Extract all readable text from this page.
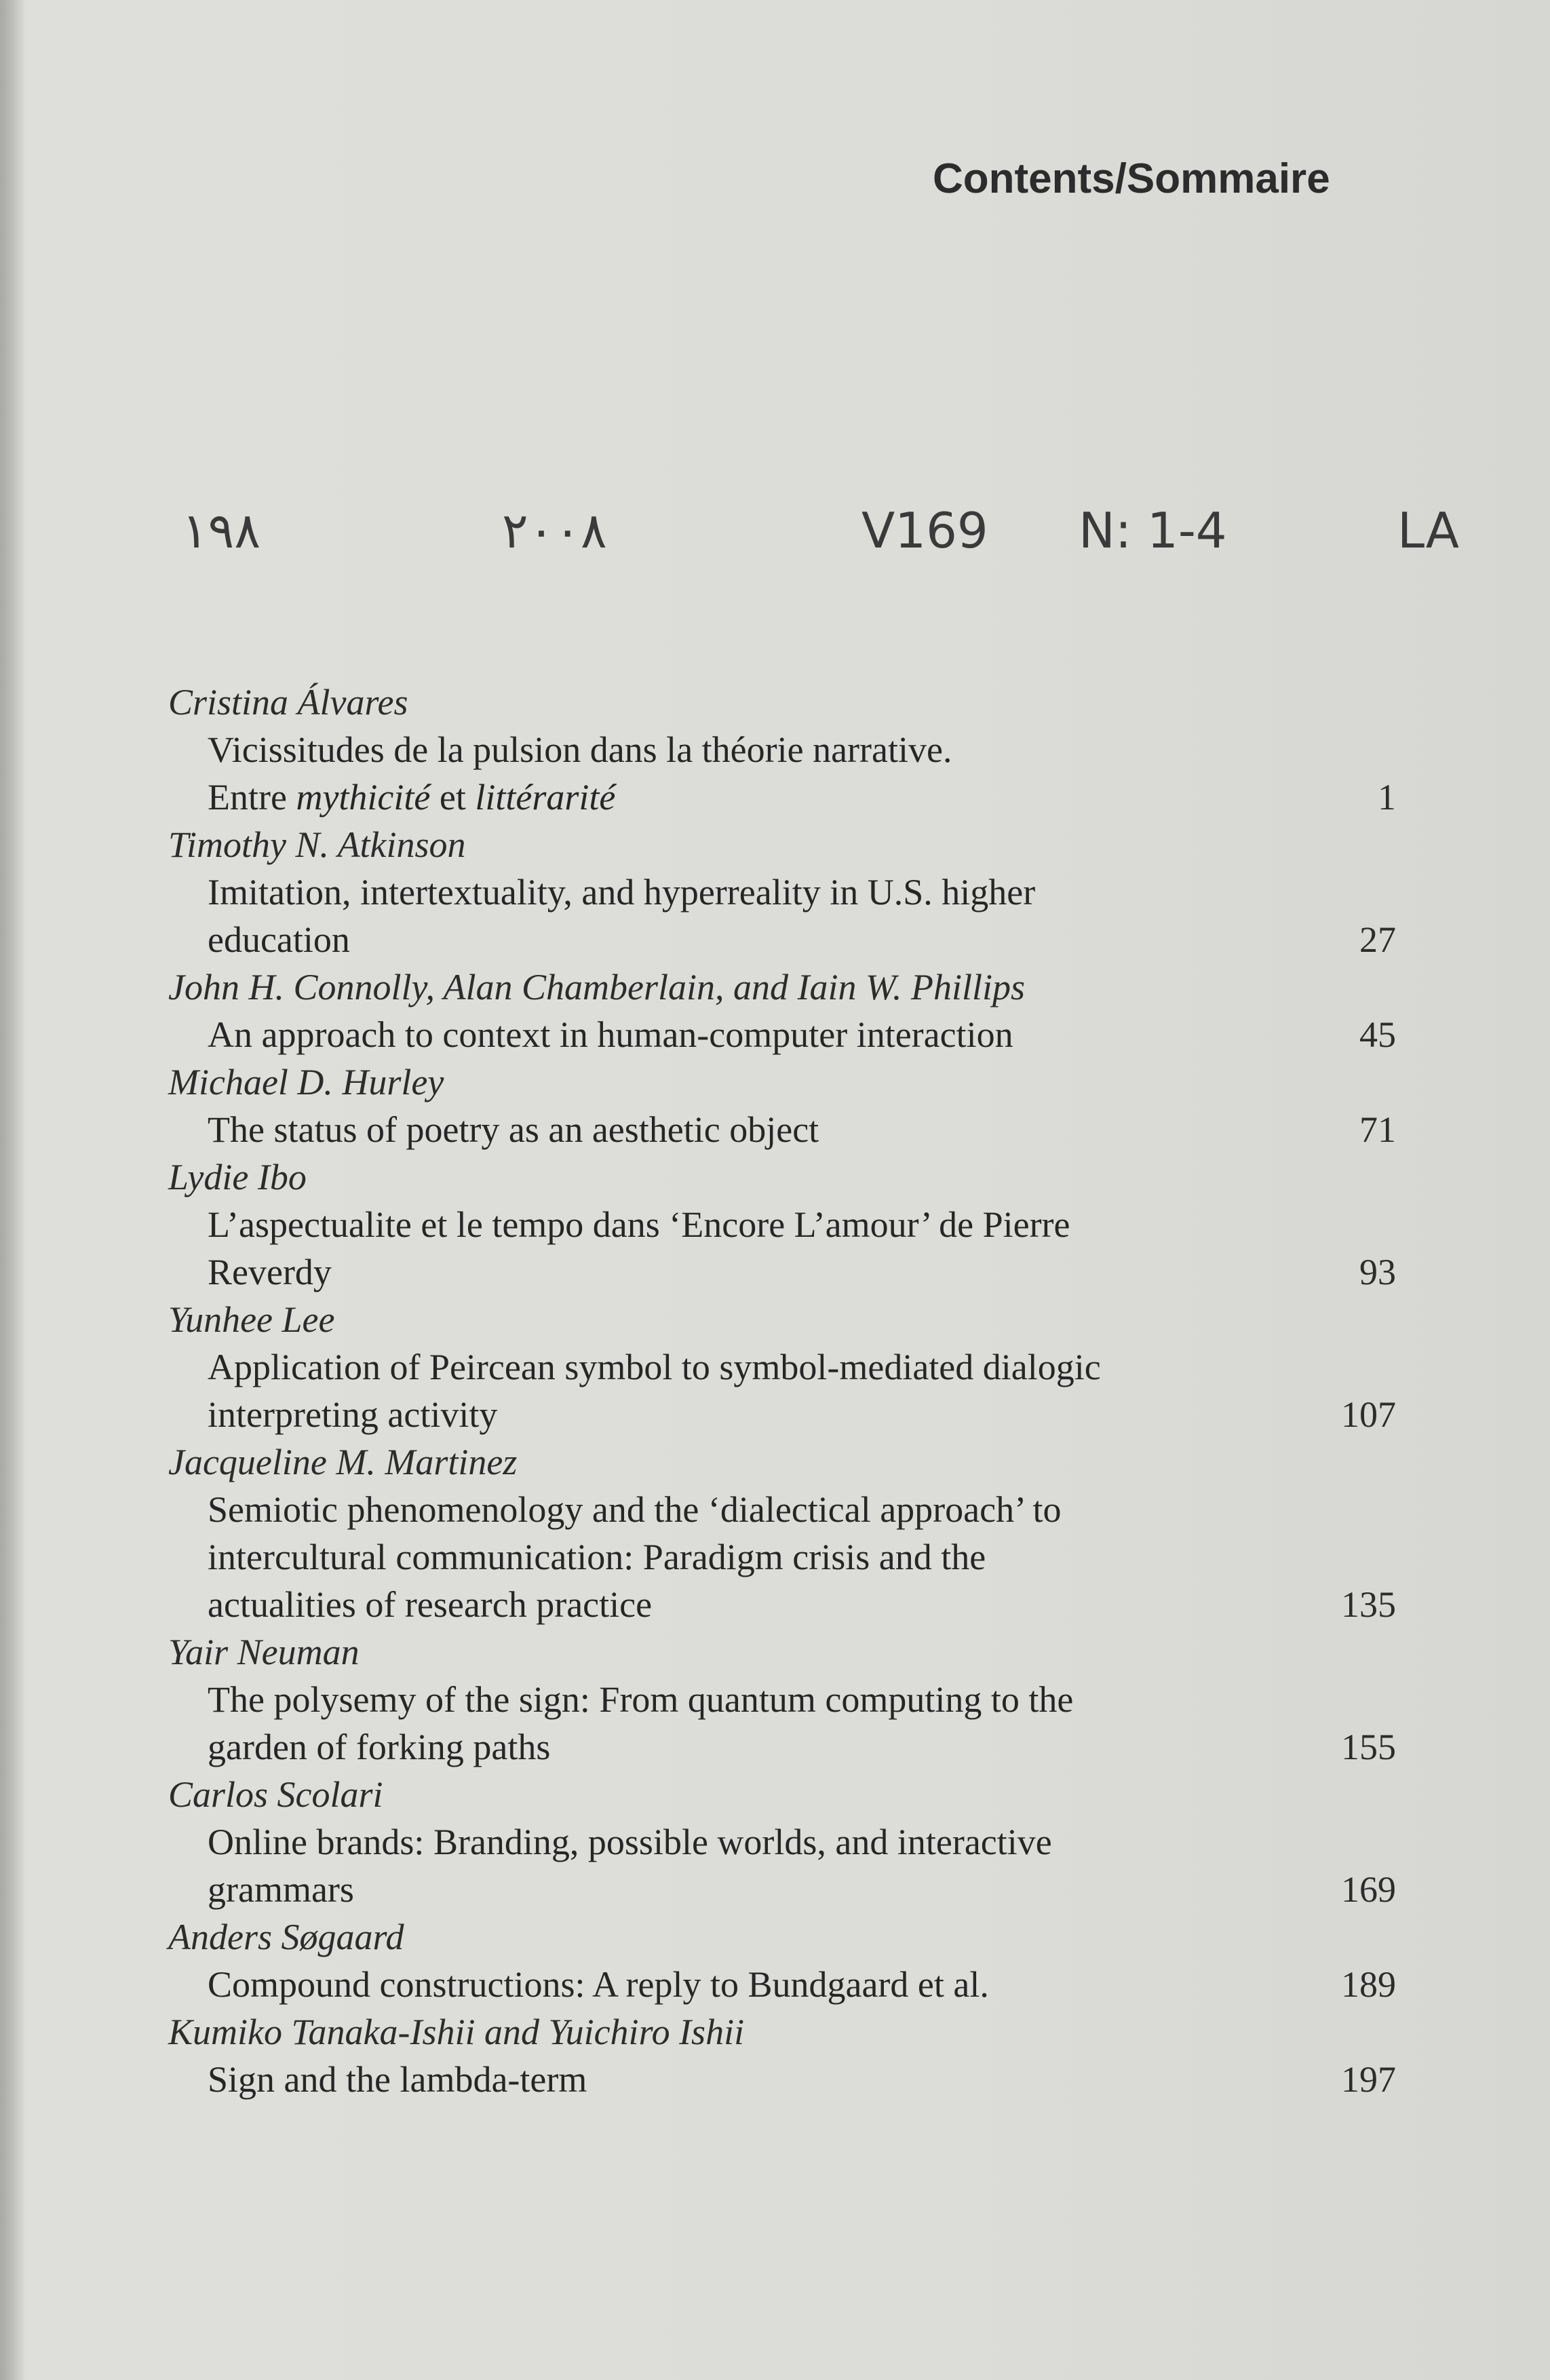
Contents/Sommaire
١٩٨	٢٠٠٨	V169 N: 1-4	LA
Cristina Álvares
Vicissitudes de la pulsion dans la théorie narrative.
Entre mythicité et littérarité	1
Timothy N. Atkinson
Imitation, intertextuality, and hyperreality in U.S. higher
education	27
John H. Connolly, Alan Chamberlain, and Iain W. Phillips
An approach to context in human-computer interaction	45
Michael D. Hurley
The status of poetry as an aesthetic object	71
Lydie Ibo
L’aspectualite et le tempo dans ‘Encore L’amour’ de Pierre
Reverdy	93
Yunhee Lee
Application of Peircean symbol to symbol-mediated dialogic
interpreting activity	107
Jacqueline M. Martinez
Semiotic phenomenology and the ‘dialectical approach’ to
intercultural communication: Paradigm crisis and the
actualities of research practice	135
Yair Neuman
The polysemy of the sign: From quantum computing to the
garden of forking paths	155
Carlos Scolari
Online brands: Branding, possible worlds, and interactive
grammars	169
Anders Søgaard
Compound constructions: A reply to Bundgaard et al.	189
Kumiko Tanaka-Ishii and Yuichiro Ishii
Sign and the lambda-term	197
